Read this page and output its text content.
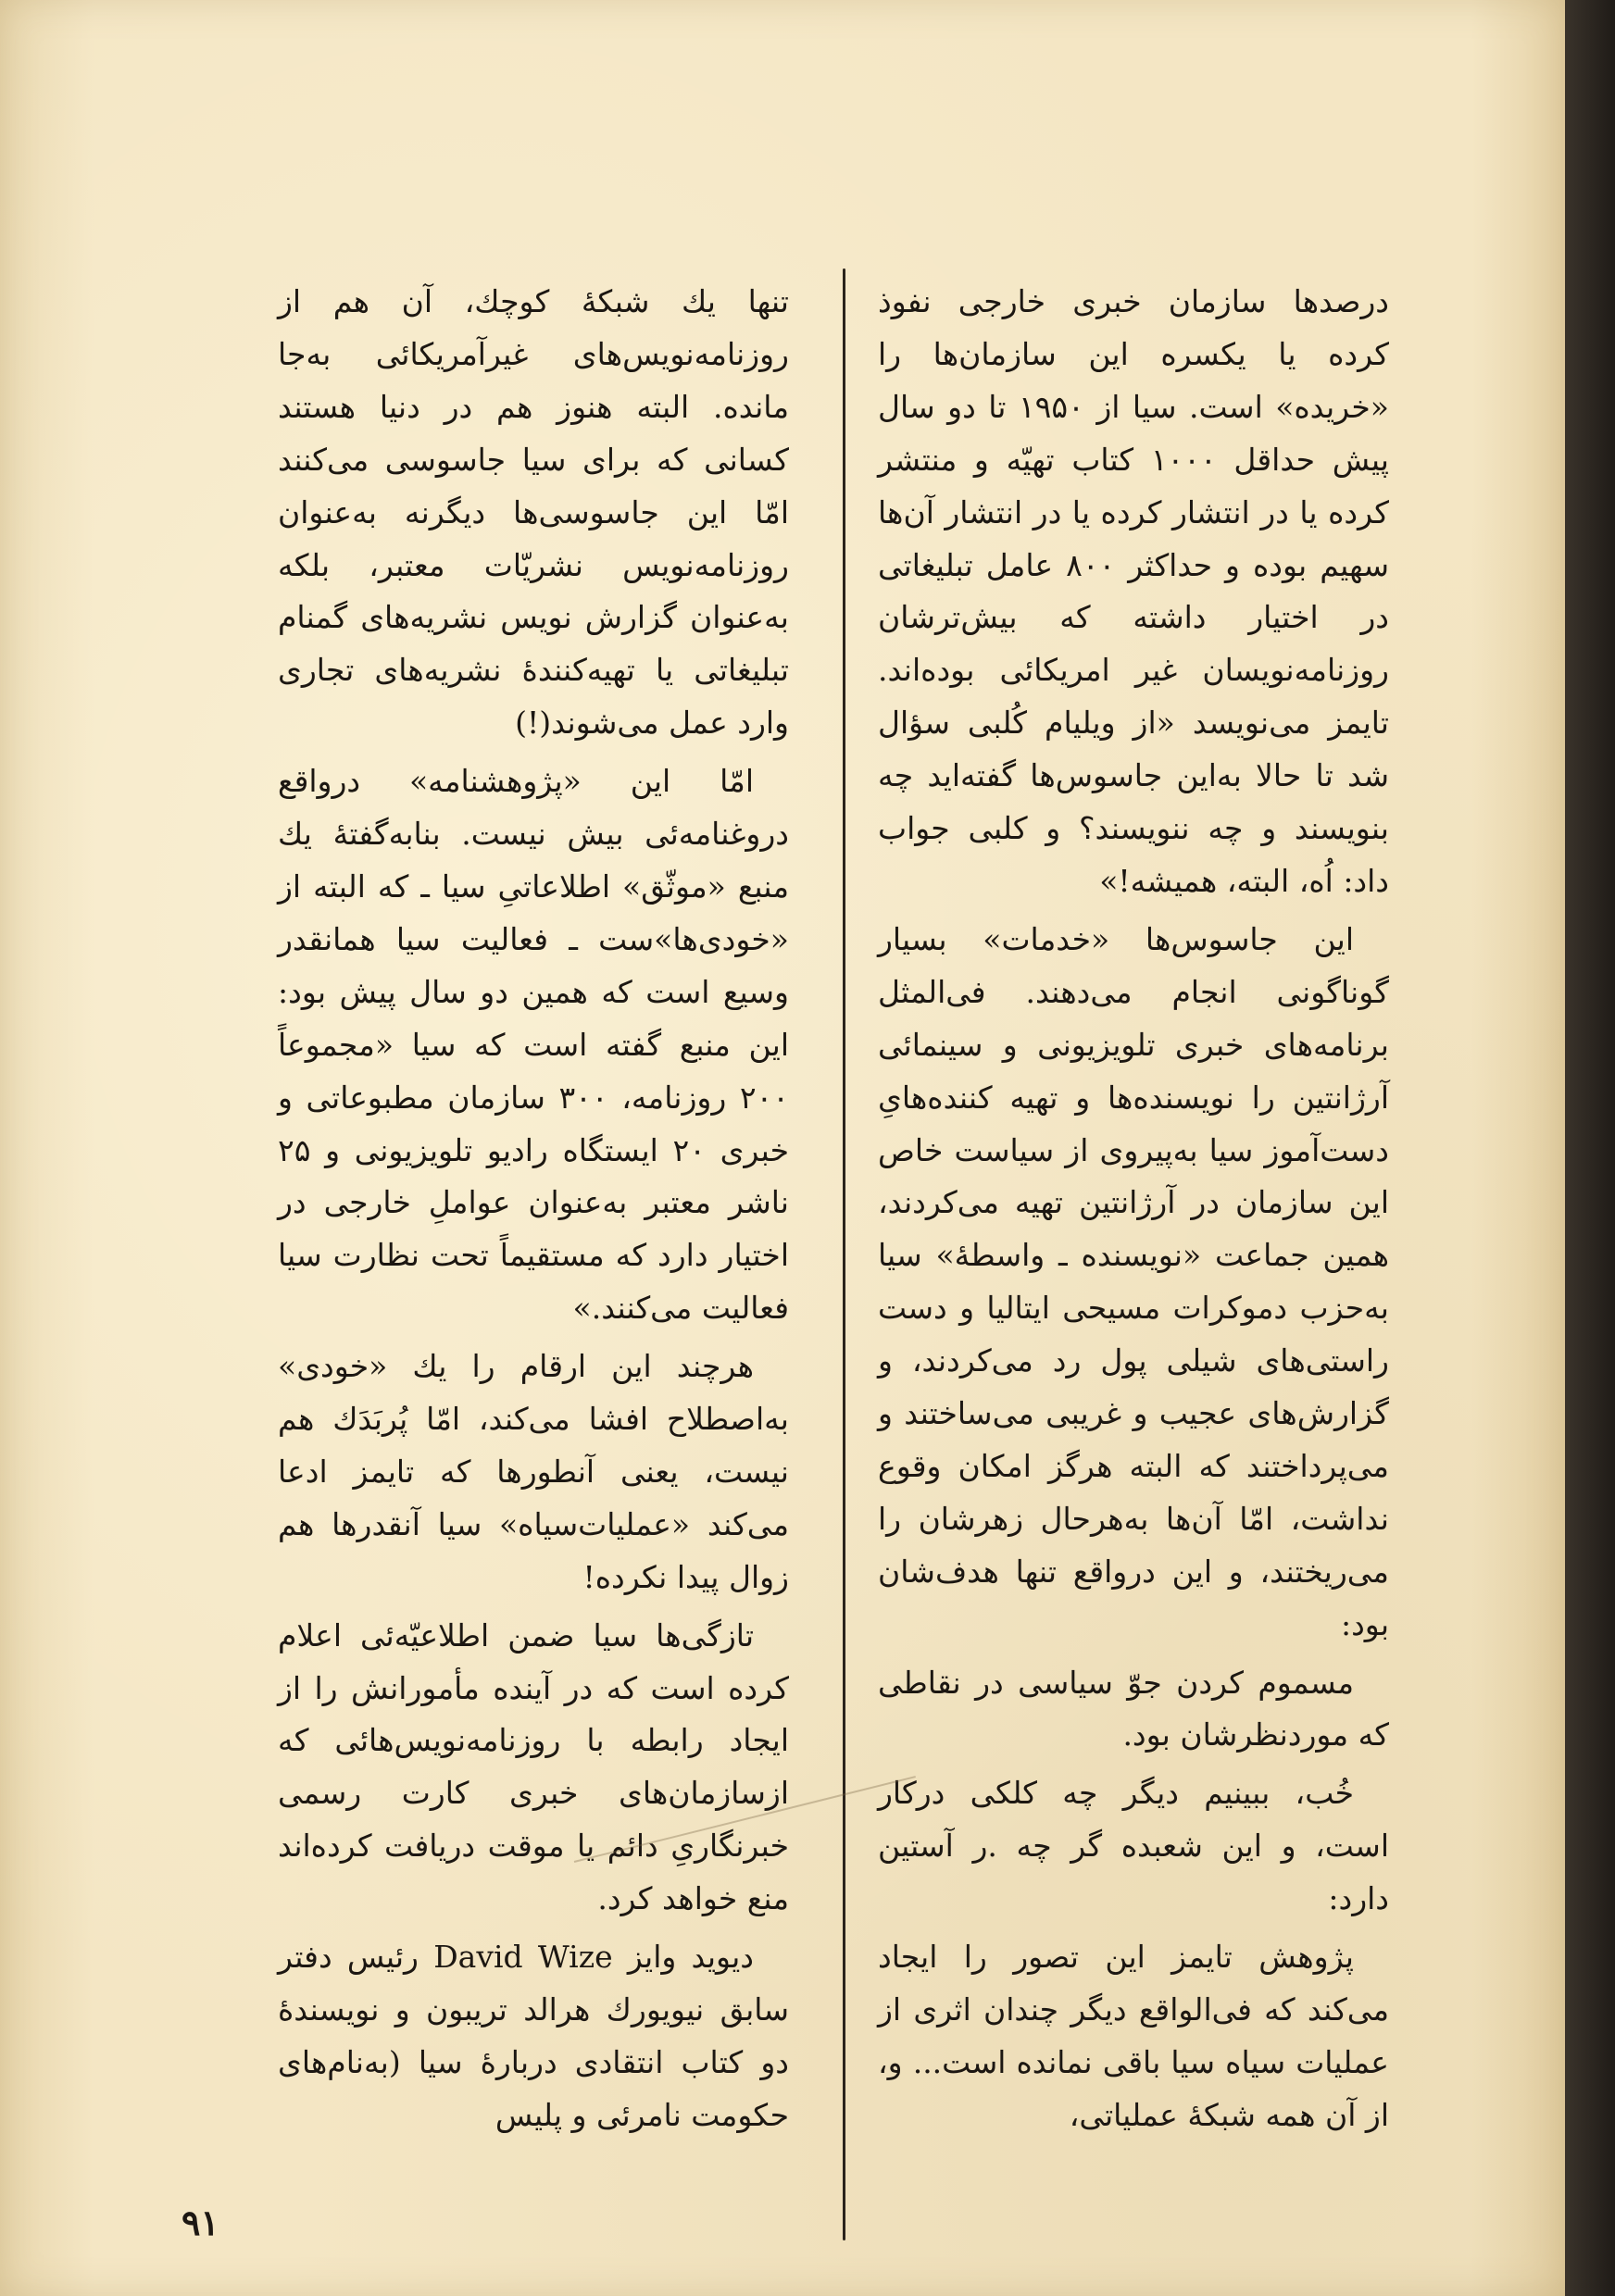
درصدها سازمان خبری خارجی نفوذ کرده یا یکسره این سازمان‌ها را «خریده» است. سیا از ۱۹۵۰ تا دو سال پیش حداقل ۱۰۰۰ کتاب تهیّه و منتشر کرده یا در انتشار کرده یا در انتشار آن‌ها سهیم بوده و حداکثر ۸۰۰ عامل تبلیغاتی در اختیار داشته که بیش‌ترشان روزنامه‌نویسان غیر امریکائی بوده‌اند. تایمز می‌نویسد «از ویلیام کُلبی سؤال شد تا حالا به‌این جاسوس‌ها گفته‌اید چه بنویسند و چه ننویسند؟ و کلبی جواب داد: اُه، البته، همیشه!»

این جاسوس‌ها «خدمات» بسیار گوناگونی انجام می‌دهند. فی‌المثل برنامه‌های خبری تلویزیونی و سینمائی آرژانتین را نویسنده‌ها و تهیه کننده‌هایِ دست‌آموز سیا به‌پیروی از سیاست خاص این سازمان در آرژانتین تهیه می‌کردند، همین جماعت «نویسنده ـ واسطهٔ» سیا به‌حزب دموکرات مسیحی ایتالیا و دست راستی‌های شیلی پول رد می‌کردند، و گزارش‌های عجیب و غریبی می‌ساختند و می‌پرداختند که البته هرگز امکان وقوع نداشت، امّا آن‌ها به‌هرحال زهرشان را می‌ریختند، و این درواقع تنها هدف‌شان بود:

مسموم کردن جوّ سیاسی در نقاطی که موردنظرشان بود.

خُب، ببینیم دیگر چه کلکی درکار است، و این شعبده گر چه .ر آستین دارد:

پژوهش تایمز این تصور را ایجاد می‌کند که فی‌الواقع دیگر چندان اثری از عملیات سیاه سیا باقی نمانده است... و، از آن همه شبکهٔ عملیاتی،

تنها یك شبکهٔ کوچك، آن هم از روزنامه‌نویس‌های غیرآمریکائی به‌جا مانده. البته هنوز هم در دنیا هستند کسانی که برای سیا جاسوسی می‌کنند امّا این جاسوسی‌ها دیگرنه به‌عنوان روزنامه‌نویس نشریّات معتبر، بلکه به‌عنوان گزارش نویس نشریه‌های گمنام تبلیغاتی یا تهیه‌کنندهٔ نشریه‌های تجاری وارد عمل می‌شوند(!)

امّا این «پژوهشنامه» درواقع دروغنامه‌ئی بیش نیست. بنابه‌گفتهٔ یك منبع «موثّق» اطلاعاتیِ سیا ـ که البته از «خودی‌ها»ست ـ فعالیت سیا همانقدر وسیع است که همین دو سال پیش بود: این منبع گفته است که سیا «مجموعاً ۲۰۰ روزنامه، ۳۰۰ سازمان مطبوعاتی و خبری ۲۰ ایستگاه رادیو تلویزیونی و ۲۵ ناشر معتبر به‌عنوان عواملِ خارجی در اختیار دارد که مستقیماً تحت نظارت سیا فعالیت می‌کنند.»

هرچند این ارقام را یك «خودی» به‌اصطلاح افشا می‌کند، امّا پُربَدَك هم نیست، یعنی آنطورها که تایمز ادعا می‌کند «عملیات‌سیاه» سیا آنقدرها هم زوال پیدا نکرده!

تازگی‌ها سیا ضمن اطلاعیّه‌ئی اعلام کرده است که در آینده مأمورانش را از ایجاد رابطه با روزنامه‌نویس‌هائی که ازسازمان‌های خبری کارت رسمی خبرنگاریِ دائم یا موقت دریافت کرده‌اند منع خواهد کرد.

دیوید وایز David Wize رئیس دفتر سابق نیویورك هرالد تریبون و نویسندهٔ دو کتاب انتقادی دربارهٔ سیا (به‌نام‌های حکومت نامرئی و پلیس

۹۱
